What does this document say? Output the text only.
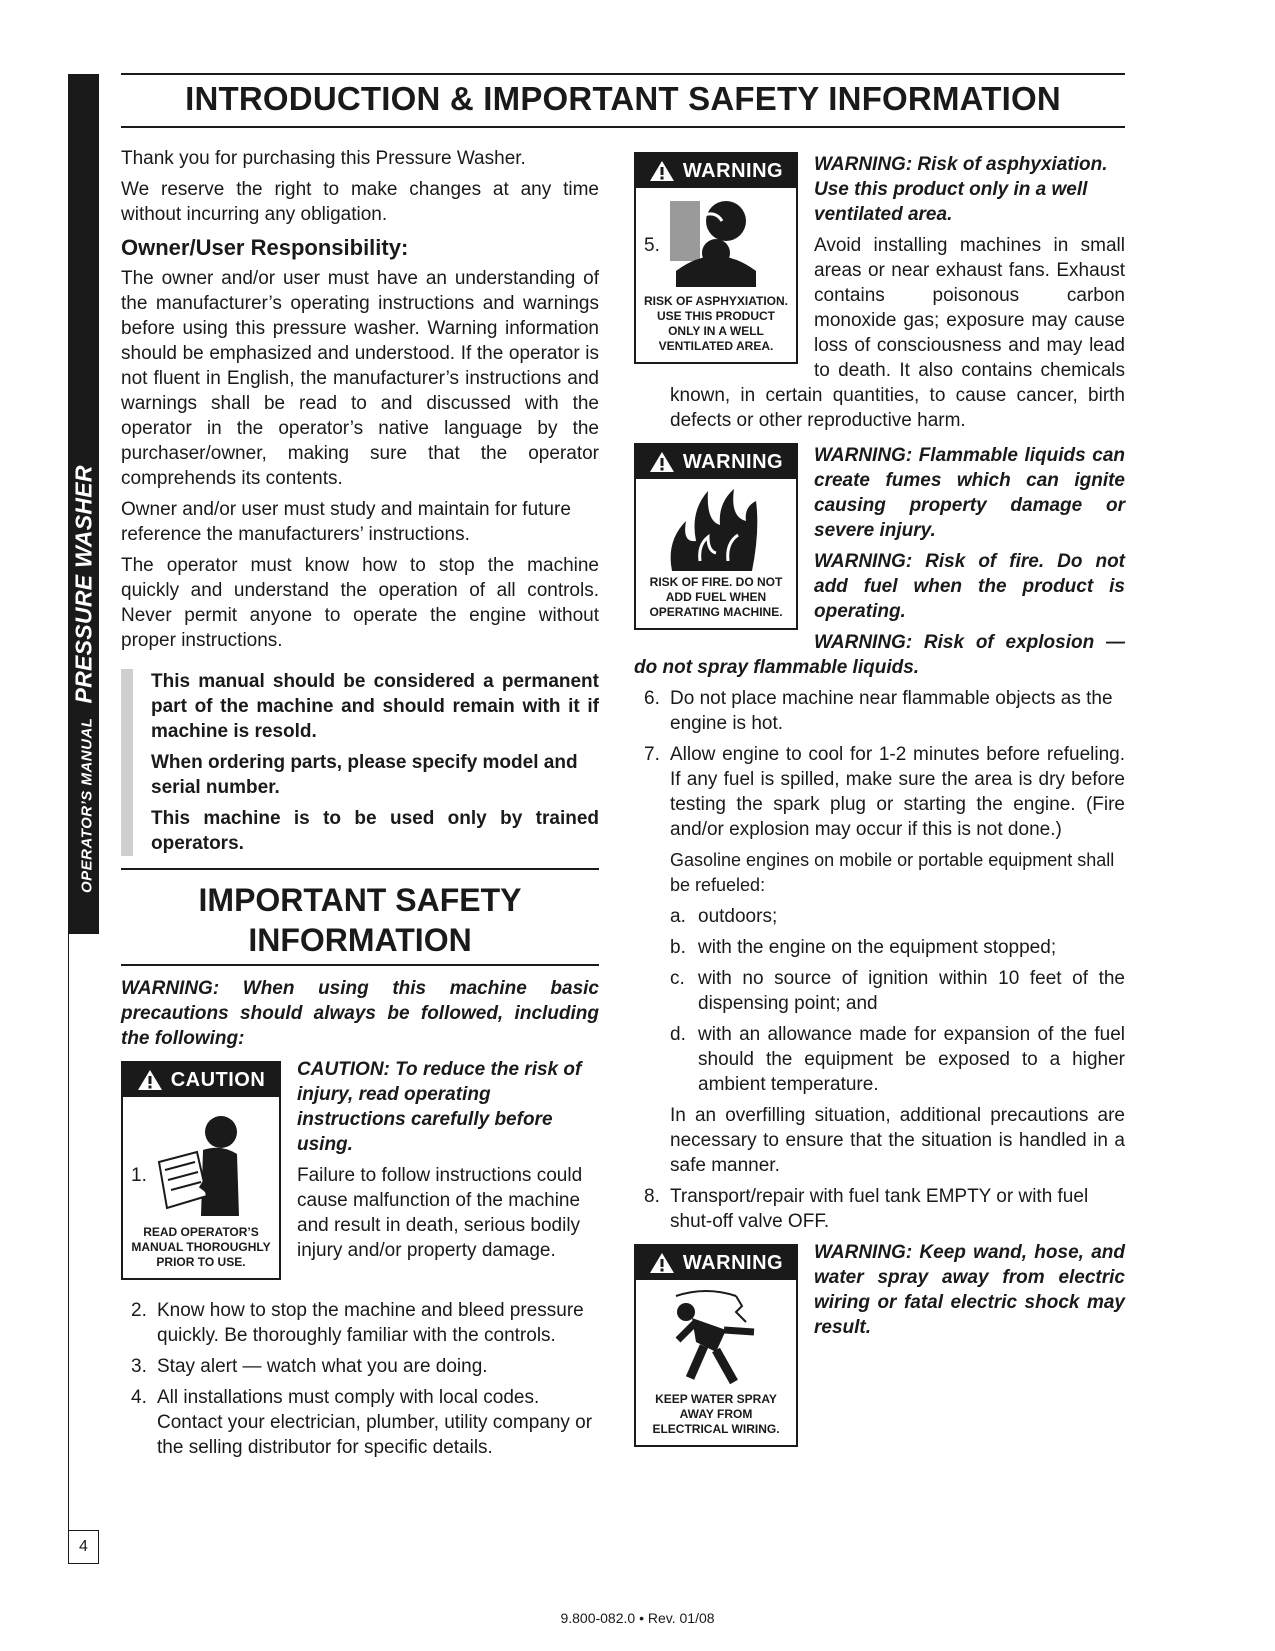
OPERATOR’S MANUALPRESSURE WASHER
4
INTRODUCTION & IMPORTANT SAFETY INFORMATION

Thank you for purchasing this Pressure Washer.

We reserve the right to make changes at any time without incurring any obligation.

Owner/User Responsibility:

The owner and/or user must have an understanding of the manufacturer’s operating instructions and warnings before using this pressure washer. Warning information should be emphasized and understood. If the operator is not fluent in English, the manufacturer’s instructions and warnings shall be read to and discussed with the operator in the operator’s native language by the purchaser/owner, making sure that the operator comprehends its contents.

Owner and/or user must study and maintain for future reference the manufacturers’ instructions.

The operator must know how to stop the machine quickly and understand the operation of all controls. Never permit anyone to operate the engine without proper instructions.

This manual should be considered a permanent part of the machine and should remain with it if machine is resold.

When ordering parts, please specify model and serial number.

This machine is to be used only by trained operators.

IMPORTANT SAFETY
INFORMATION

WARNING: When using this machine basic precautions should always be followed, including the following:

CAUTION
READ OPERATOR’S MANUAL THOROUGHLY PRIOR TO USE.

CAUTION: To reduce the risk of injury, read operating instructions carefully before using.

1.	Failure to follow instructions could cause malfunction of the machine and result in death, serious bodily injury and/or property damage.
2. Know how to stop the machine and bleed pressure quickly. Be thoroughly familiar with the controls.
3. Stay alert — watch what you are doing.
4. All installations must comply with local codes. Contact your electrician, plumber, utility company or the selling distributor for specific details.
WARNING
RISK OF ASPHYXIATION. USE THIS PRODUCT ONLY IN A WELL VENTILATED AREA.

WARNING: Risk of asphyxiation. Use this product only in a well ventilated area.

5.	Avoid installing machines in small areas or near exhaust fans. Exhaust contains poisonous carbon monoxide gas; exposure may cause loss of consciousness and may lead to death. It also contains chemicals known, in certain quantities, to cause cancer, birth defects or other reproductive harm.
WARNING
RISK OF FIRE. DO NOT ADD FUEL WHEN OPERATING MACHINE.

WARNING: Flammable liquids can create fumes which can ignite causing property damage or severe injury.

WARNING: Risk of fire. Do not add fuel when the product is operating.

WARNING: Risk of explosion — do not spray flammable liquids.

6. Do not place machine near flammable objects as the engine is hot.
7. Allow engine to cool for 1-2 minutes before refueling. If any fuel is spilled, make sure the area is dry before testing the spark plug or starting the engine. (Fire and/or explosion may occur if this is not done.)

Gasoline engines on mobile or portable equipment shall be refueled:

a. outdoors;
b. with the engine on the equipment stopped;
c. with no source of ignition within 10 feet of the dispensing point; and
d. with an allowance made for expansion of the fuel should the equipment be exposed to a higher ambient temperature.

In an overfilling situation, additional precautions are necessary to ensure that the situation is handled in a safe manner.

8. Transport/repair with fuel tank EMPTY or with fuel shut-off valve OFF.
WARNING
KEEP WATER SPRAY AWAY FROM ELECTRICAL WIRING.

WARNING: Keep wand, hose, and water spray away from electric wiring or fatal electric shock may result.

9.800-082.0 • Rev. 01/08
